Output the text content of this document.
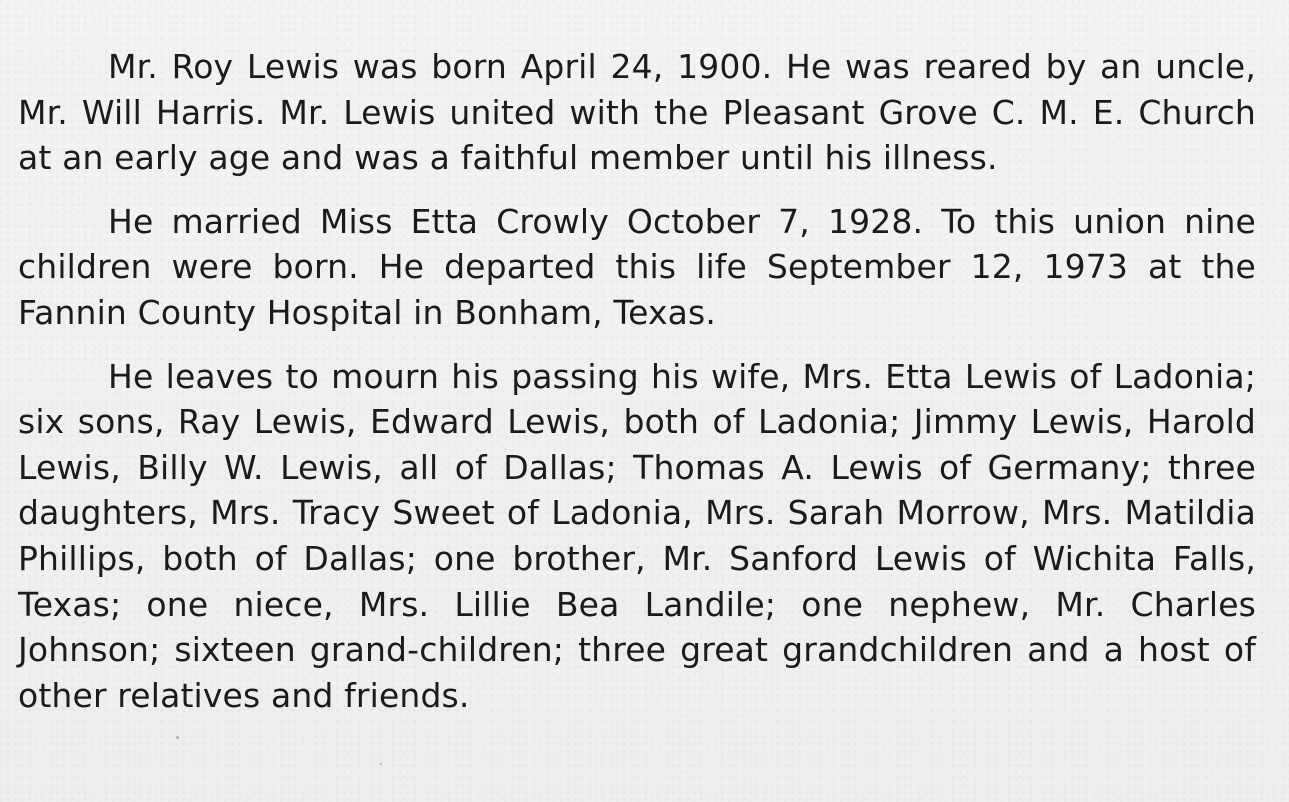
Mr. Roy Lewis was born April 24, 1900. He was reared by an uncle, Mr. Will Harris. Mr. Lewis united with the Pleasant Grove C. M. E. Church at an early age and was a faithful member until his illness.

He married Miss Etta Crowly October 7, 1928. To this union nine children were born. He departed this life September 12, 1973 at the Fannin County Hospital in Bonham, Texas.

He leaves to mourn his passing his wife, Mrs. Etta Lewis of Ladonia; six sons, Ray Lewis, Edward Lewis, both of Ladonia; Jimmy Lewis, Harold Lewis, Billy W. Lewis, all of Dallas; Thomas A. Lewis of Germany; three daughters, Mrs. Tracy Sweet of Ladonia, Mrs. Sarah Morrow, Mrs. Matildia Phillips, both of Dallas; one brother, Mr. Sanford Lewis of Wichita Falls, Texas; one niece, Mrs. Lillie Bea Landile; one nephew, Mr. Charles Johnson; sixteen grand-children; three great grandchildren and a host of other relatives and friends.
